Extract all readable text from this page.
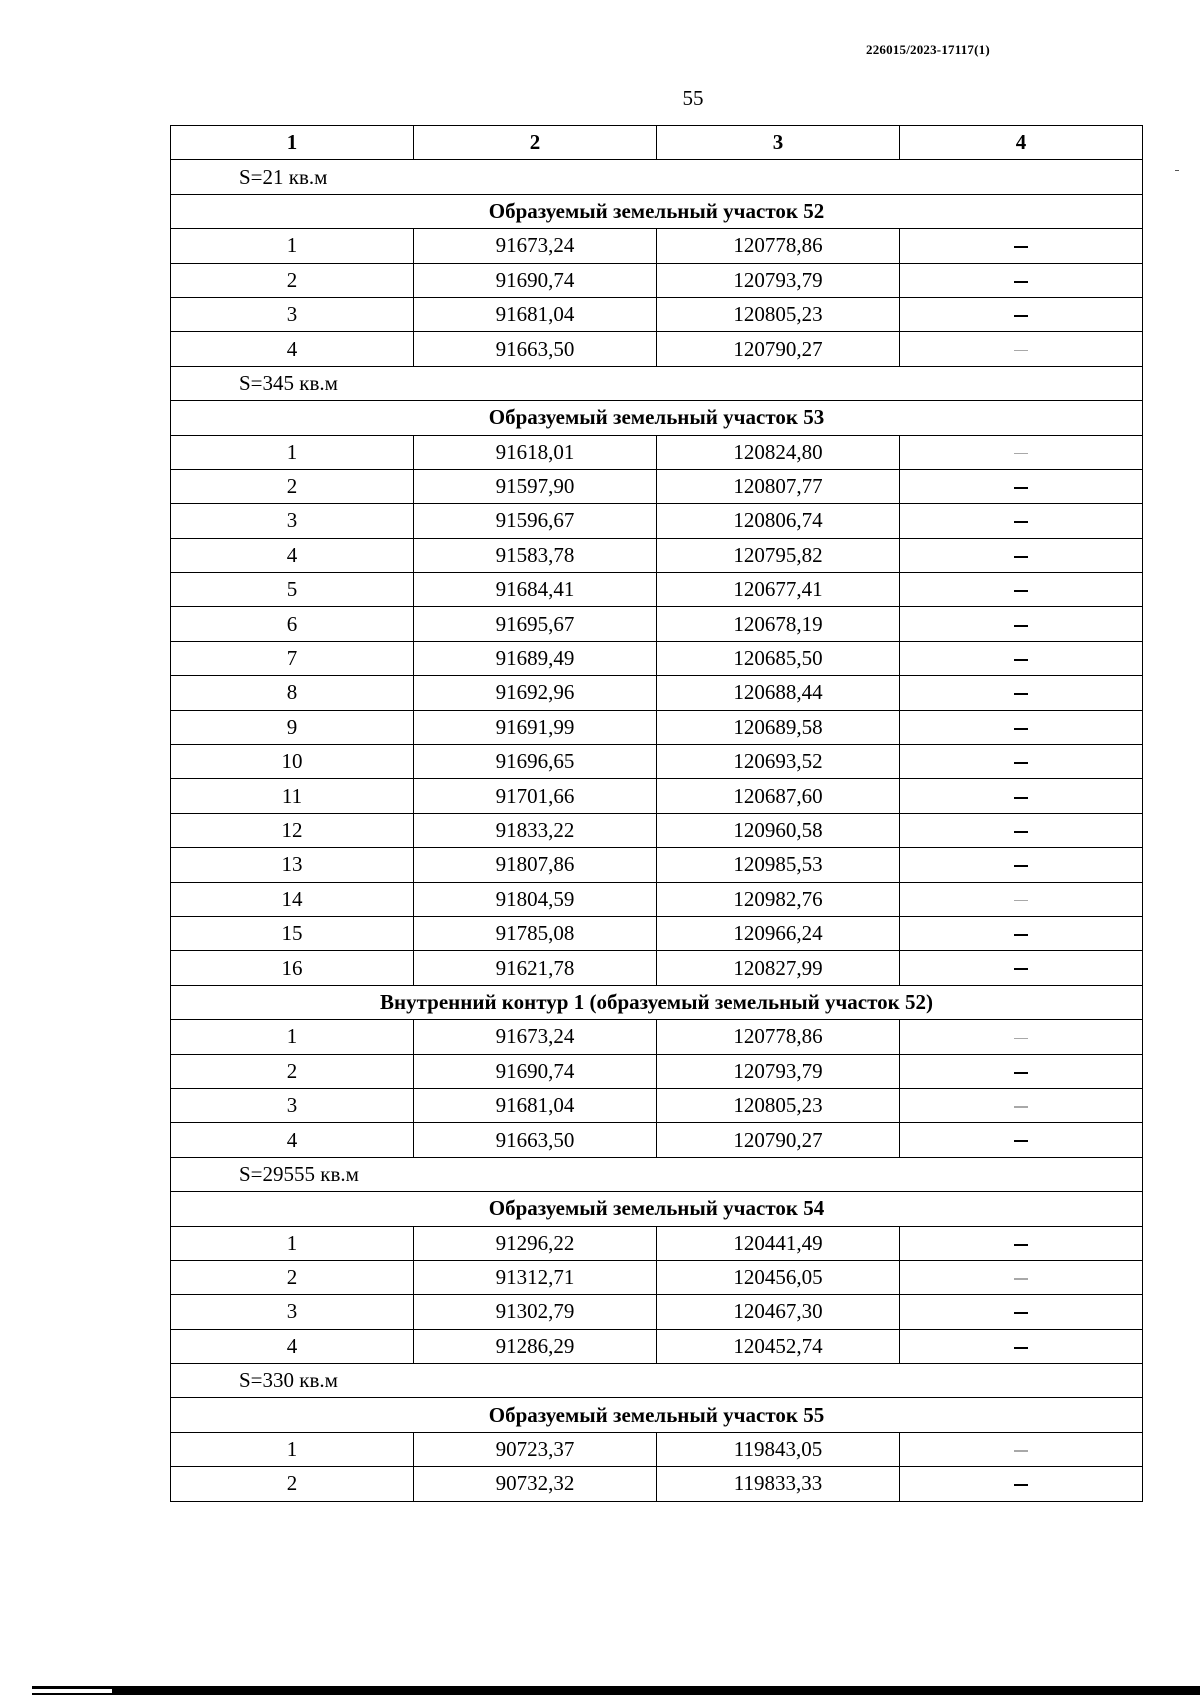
226015/2023-17117(1)
55
1	2	3	4
S=21 кв.м			
Образуемый земельный участок 52			
1	91673,24	120778,86	
2	91690,74	120793,79	
3	91681,04	120805,23	
4	91663,50	120790,27	
S=345 кв.м			
Образуемый земельный участок 53			
1	91618,01	120824,80	
2	91597,90	120807,77	
3	91596,67	120806,74	
4	91583,78	120795,82	
5	91684,41	120677,41	
6	91695,67	120678,19	
7	91689,49	120685,50	
8	91692,96	120688,44	
9	91691,99	120689,58	
10	91696,65	120693,52	
11	91701,66	120687,60	
12	91833,22	120960,58	
13	91807,86	120985,53	
14	91804,59	120982,76	
15	91785,08	120966,24	
16	91621,78	120827,99	
Внутренний контур 1 (образуемый земельный участок 52)			
1	91673,24	120778,86	
2	91690,74	120793,79	
3	91681,04	120805,23	
4	91663,50	120790,27	
S=29555 кв.м			
Образуемый земельный участок 54			
1	91296,22	120441,49	
2	91312,71	120456,05	
3	91302,79	120467,30	
4	91286,29	120452,74	
S=330 кв.м			
Образуемый земельный участок 55			
1	90723,37	119843,05	
2	90732,32	119833,33	
